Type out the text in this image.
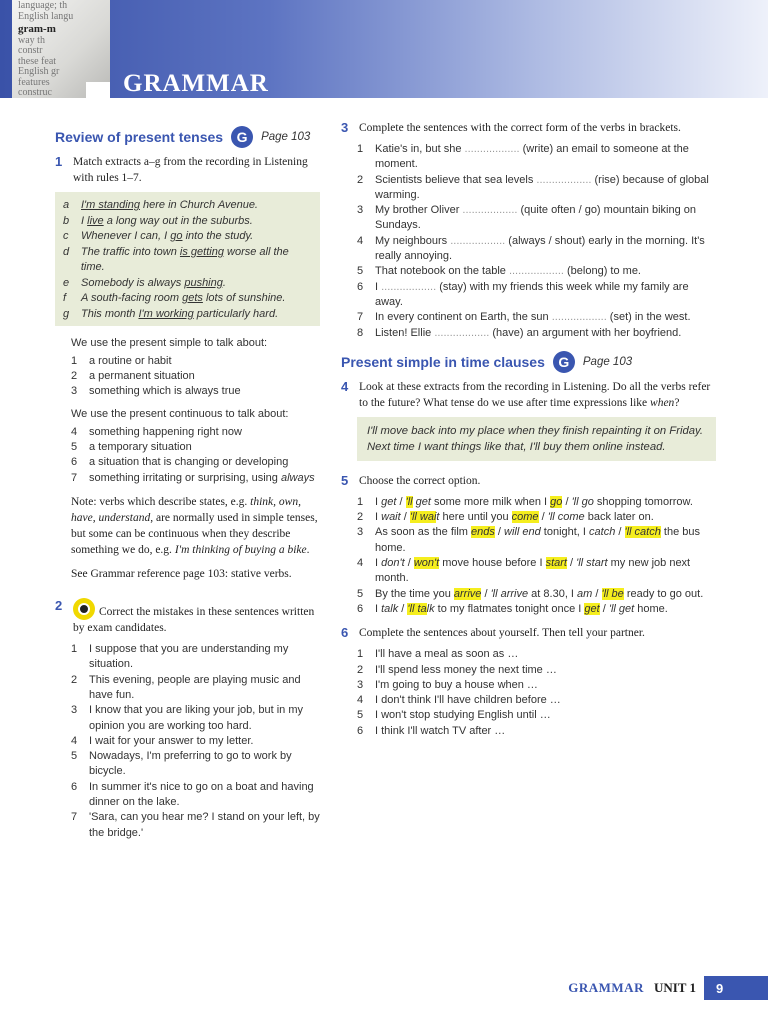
language; th
English langu
gram-m
way th
constr
these feat
English gr
features
construc	GRAMMAR
Review of present tenses G	Page 103
1 Match extracts a–g from the recording in Listening with rules 1–7.
a I'm standing here in Church Avenue.
b I live a long way out in the suburbs.
c Whenever I can, I go into the study.
d The traffic into town is getting worse all the time.
e Somebody is always pushing.
f	A south-facing room gets lots of sunshine.
g This month I'm working particularly hard.
We use the present simple to talk about:
1	a routine or habit
2	a permanent situation
3	something which is always true
We use the present continuous to talk about:
4	something happening right now
5	a temporary situation
6	a situation that is changing or developing
7	something irritating or surprising, using always
Note: verbs which describe states, e.g. think, own, have, understand, are normally used in simple tenses, but some can be continuous when they describe something we do, e.g. I'm thinking of buying a bike.
See Grammar reference page 103: stative verbs.
2	Correct the mistakes in these sentences written by exam candidates.
1	I suppose that you are understanding my situation.
2	This evening, people are playing music and have fun.
3	I know that you are liking your job, but in my opinion you are working too hard.
4	I wait for your answer to my letter.
5	Nowadays, I'm preferring to go to work by bicycle.
6	In summer it's nice to go on a boat and having dinner on the lake.
7	'Sara, can you hear me? I stand on your left, by the bridge.'
3 Complete the sentences with the correct form of the verbs in brackets.
1	Katie's in, but she .................. (write) an email to someone at the moment.
2	Scientists believe that sea levels .................. (rise) because of global warming.
3	My brother Oliver .................. (quite often / go) mountain biking on Sundays.
4	My neighbours .................. (always / shout) early in the morning. It's really annoying.
5	That notebook on the table .................. (belong) to me.
6	I .................. (stay) with my friends this week while my family are away.
7	In every continent on Earth, the sun .................. (set) in the west.
8	Listen! Ellie .................. (have) an argument with her boyfriend.
Present simple in time clauses G	Page 103
4 Look at these extracts from the recording in Listening. Do all the verbs refer to the future? What tense do we use after time expressions like when?
I'll move back into my place when they finish repainting it on Friday. Next time I want things like that, I'll buy them online instead.
5 Choose the correct option.
1	I get / 'll get some more milk when I go / 'll go shopping tomorrow.
2	I wait / 'll wait here until you come / 'll come back later on.
3	As soon as the film ends / will end tonight, I catch / 'll catch the bus home.
4	I don't / won't move house before I start / 'll start my new job next month.
5	By the time you arrive / 'll arrive at 8.30, I am / 'll be ready to go out.
6	I talk / 'll talk to my flatmates tonight once I get / 'll get home.
6 Complete the sentences about yourself. Then tell your partner.
1	I'll have a meal as soon as …
2	I'll spend less money the next time …
3	I'm going to buy a house when …
4	I don't think I'll have children before …
5	I won't stop studying English until …
6	I think I'll watch TV after …
GRAMMAR UNIT 1	9
